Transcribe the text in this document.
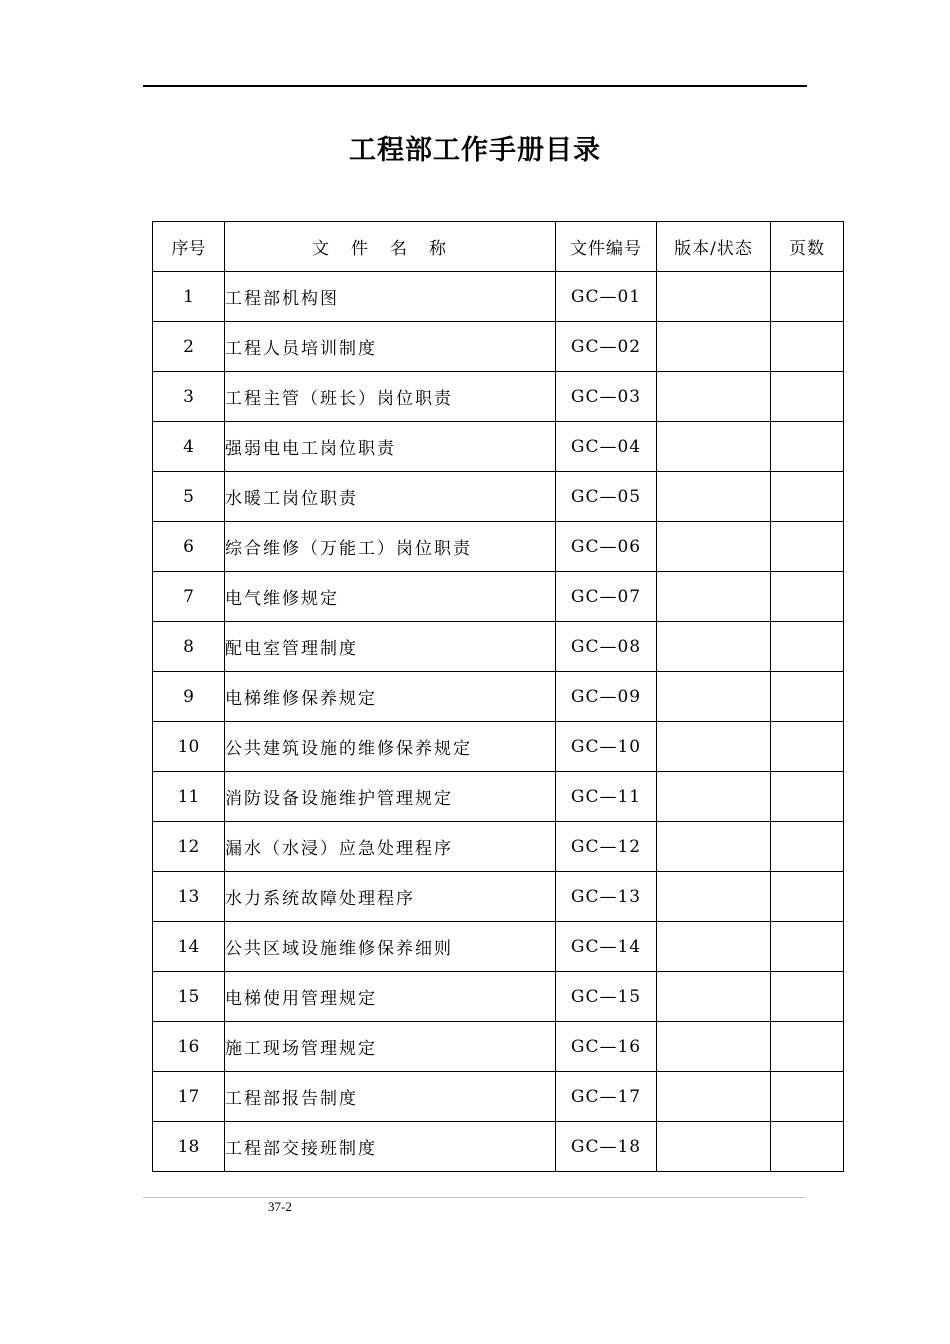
工程部工作手册目录
序号	文件名称	文件编号	版本/状态	页数
1	工程部机构图	GC—01		
2	工程人员培训制度	GC—02		
3	工程主管（班长）岗位职责	GC—03		
4	强弱电电工岗位职责	GC—04		
5	水暖工岗位职责	GC—05		
6	综合维修（万能工）岗位职责	GC—06		
7	电气维修规定	GC—07		
8	配电室管理制度	GC—08		
9	电梯维修保养规定	GC—09		
10	公共建筑设施的维修保养规定	GC—10		
11	消防设备设施维护管理规定	GC—11		
12	漏水（水浸）应急处理程序	GC—12		
13	水力系统故障处理程序	GC—13		
14	公共区域设施维修保养细则	GC—14		
15	电梯使用管理规定	GC—15		
16	施工现场管理规定	GC—16		
17	工程部报告制度	GC—17		
18	工程部交接班制度	GC—18		
37-2
